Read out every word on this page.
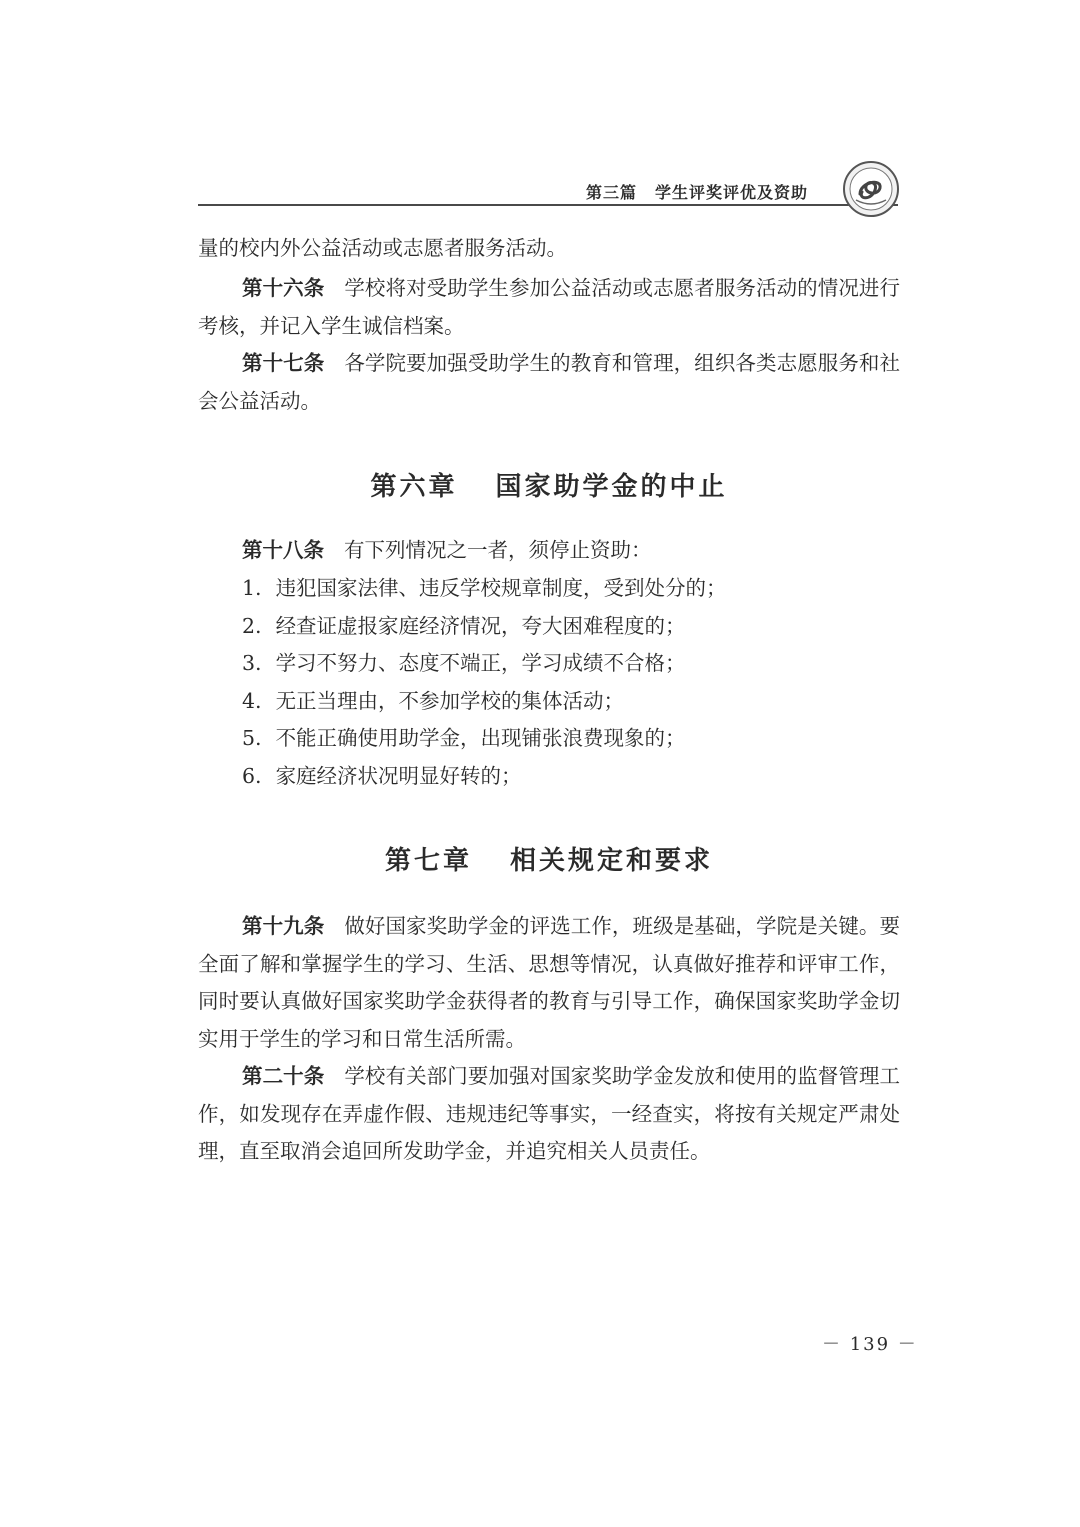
第三篇 学生评奖评优及资助

量的校内外公益活动或志愿者服务活动。

第十六条 学校将对受助学生参加公益活动或志愿者服务活动的情况进行考核，并记入学生诚信档案。

第十七条 各学院要加强受助学生的教育和管理，组织各类志愿服务和社会公益活动。

第六章 国家助学金的中止

第十八条 有下列情况之一者，须停止资助：

1. 违犯国家法律、违反学校规章制度，受到处分的；
2. 经查证虚报家庭经济情况，夸大困难程度的；
3. 学习不努力、态度不端正，学习成绩不合格；
4. 无正当理由，不参加学校的集体活动；
5. 不能正确使用助学金，出现铺张浪费现象的；
6. 家庭经济状况明显好转的；
第七章 相关规定和要求

第十九条 做好国家奖助学金的评选工作，班级是基础，学院是关键。要全面了解和掌握学生的学习、生活、思想等情况，认真做好推荐和评审工作，同时要认真做好国家奖助学金获得者的教育与引导工作，确保国家奖助学金切实用于学生的学习和日常生活所需。

第二十条 学校有关部门要加强对国家奖助学金发放和使用的监督管理工作，如发现存在弄虚作假、违规违纪等事实，一经查实，将按有关规定严肃处理，直至取消会追回所发助学金，并追究相关人员责任。

－ 139 －
